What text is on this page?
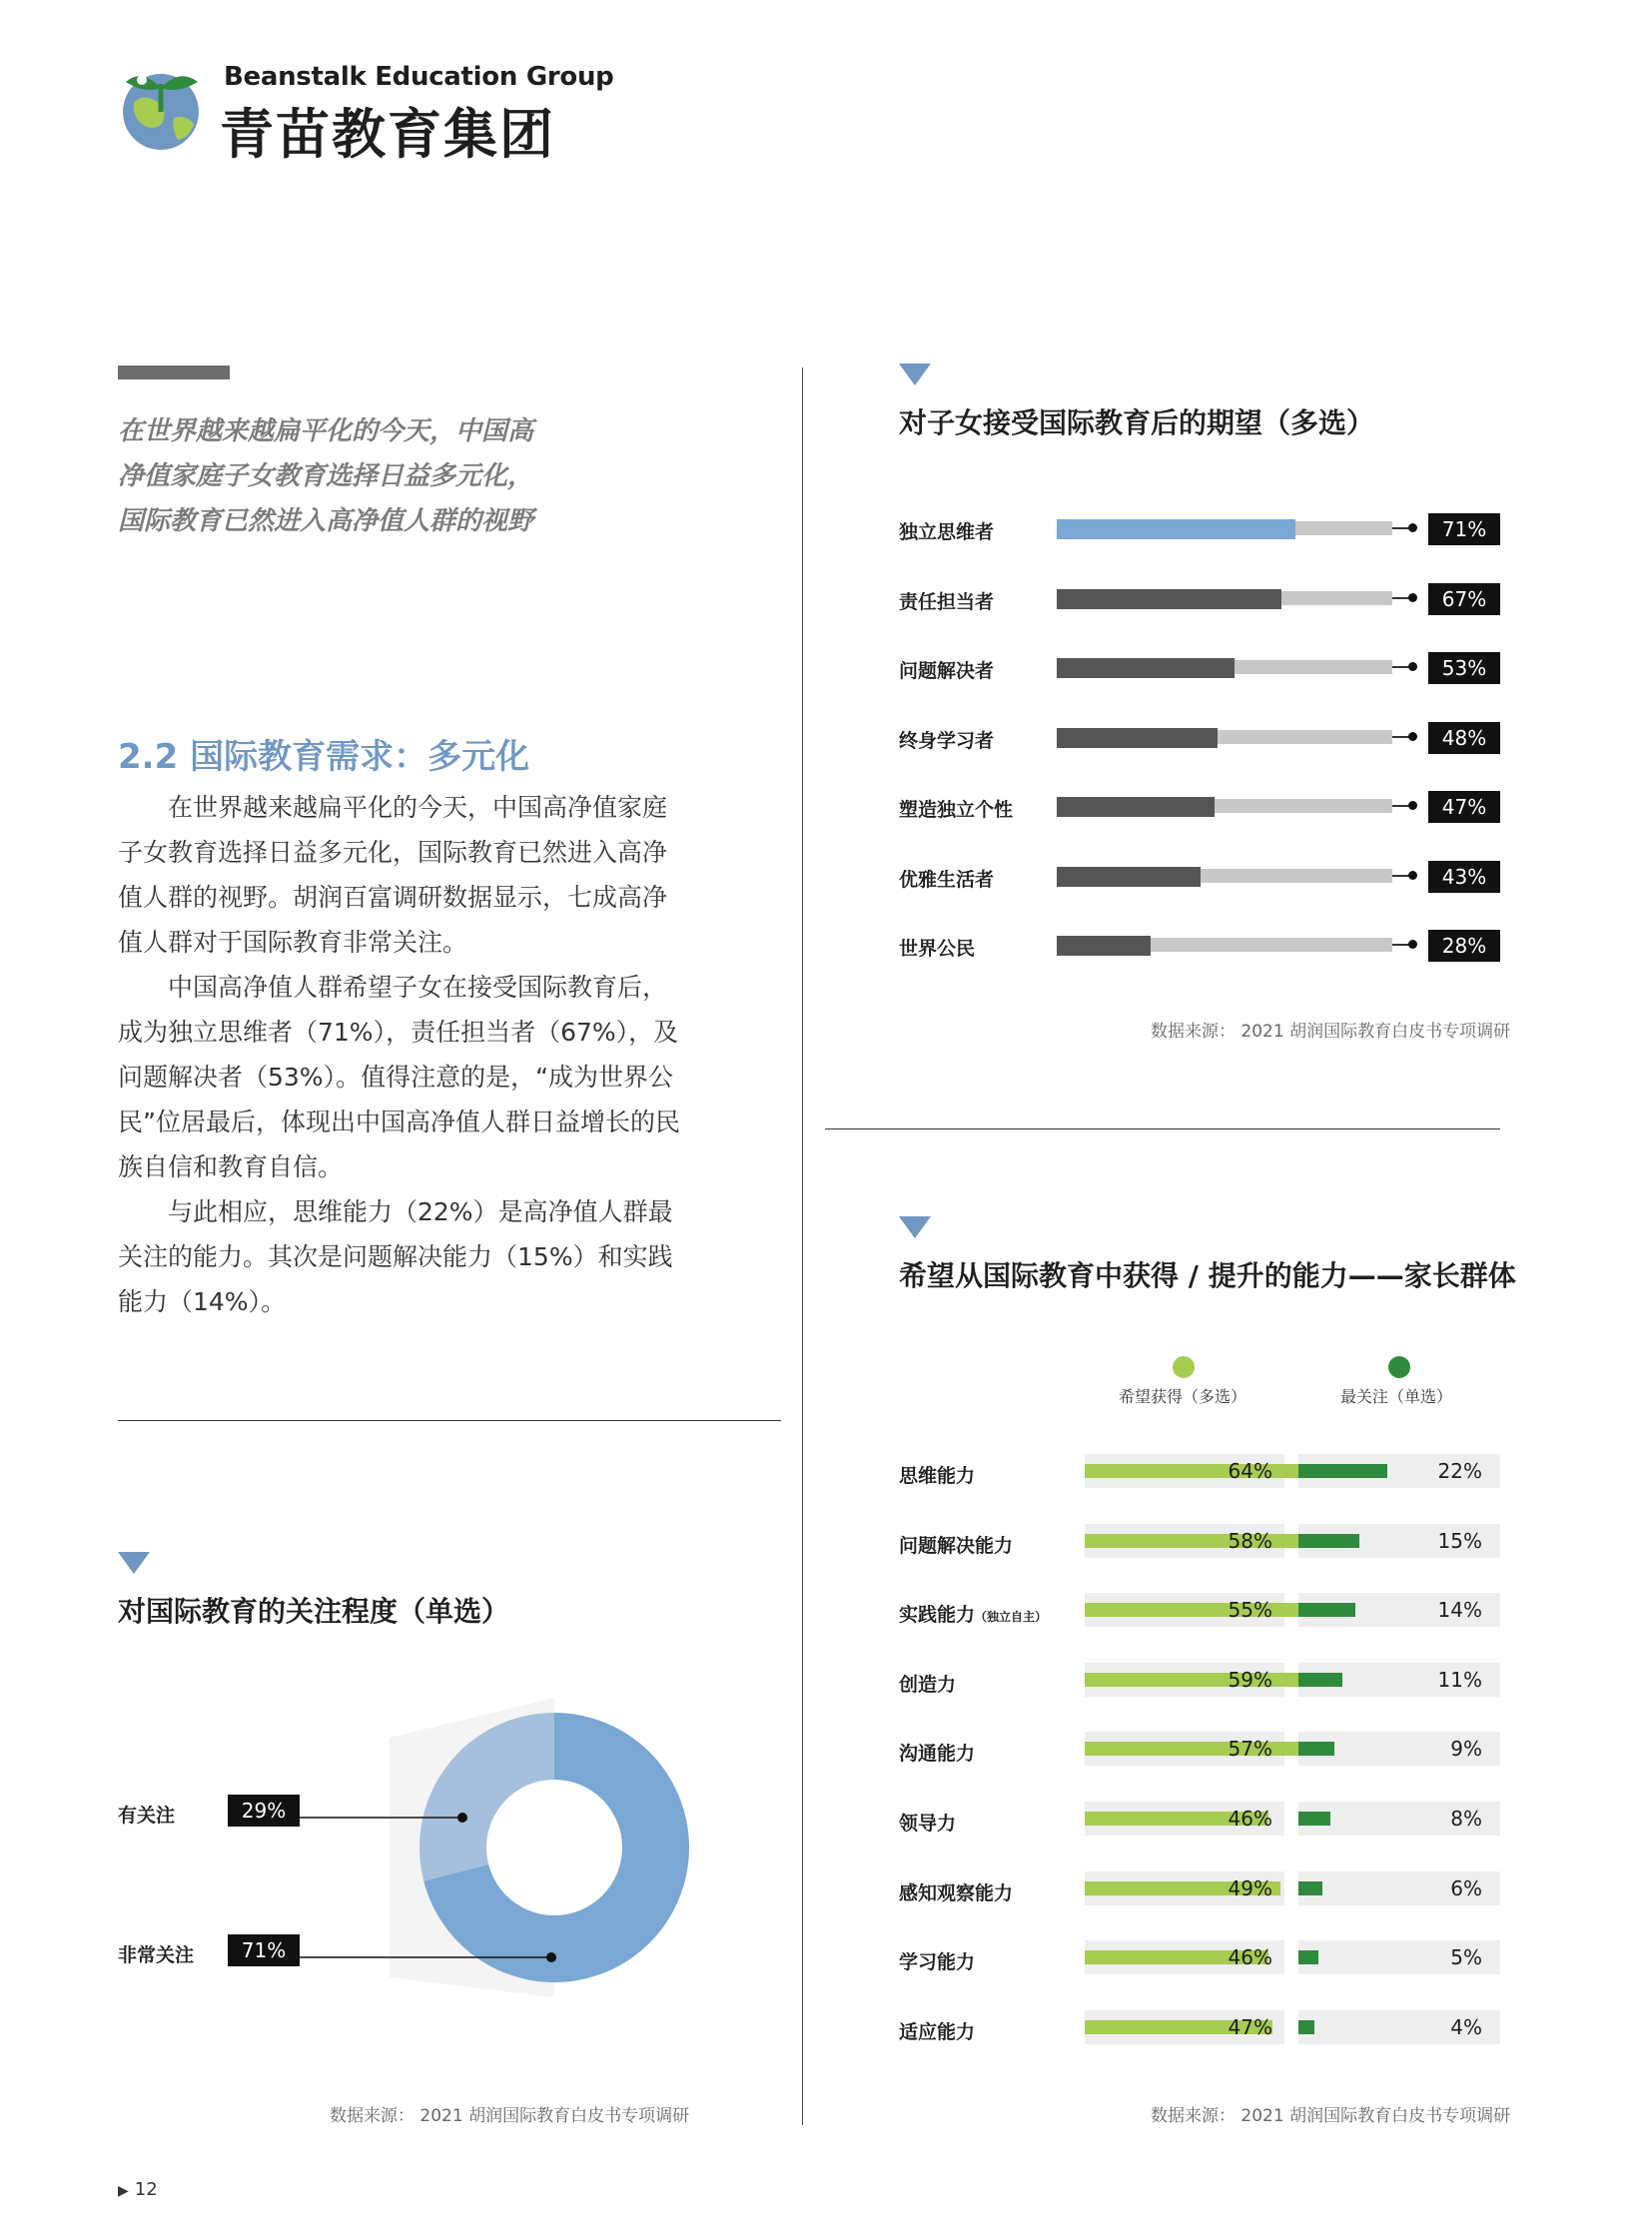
Beanstalk Education Group
青苗教育集团
在世界越来越扁平化的今天，中国高净值家庭子女教育选择日益多元化，国际教育已然进入高净值人群的视野
2.2 国际教育需求：多元化

在世界越来越扁平化的今天，中国高净值家庭子女教育选择日益多元化，国际教育已然进入高净值人群的视野。胡润百富调研数据显示，七成高净值人群对于国际教育非常关注。

中国高净值人群希望子女在接受国际教育后，成为独立思维者（71%），责任担当者（67%），及问题解决者（53%）。值得注意的是，“成为世界公民”位居最后，体现出中国高净值人群日益增长的民族自信和教育自信。

与此相应，思维能力（22%）是高净值人群最关注的能力。其次是问题解决能力（15%）和实践能力（14%）。

对国际教育的关注程度（单选）
有关注	29%
非常关注	71%
数据来源： 2021 胡润国际教育白皮书专项调研
对子女接受国际教育后的期望（多选）
独立思维者	71%
责任担当者	67%
问题解决者	53%
终身学习者	48%
塑造独立个性	47%
优雅生活者	43%
世界公民	28%
数据来源： 2021 胡润国际教育白皮书专项调研
希望从国际教育中获得 / 提升的能力——家长群体
希望获得（多选）	最关注（单选）
思维能力	64%	22%
问题解决能力	58%	15%
实践能力（独立自主）	55%	14%
创造力	59%	11%
沟通能力	57%	9%
领导力	46%	8%
感知观察能力	49%	6%
学习能力	46%	5%
适应能力	47%	4%
数据来源： 2021 胡润国际教育白皮书专项调研
▶ 12
